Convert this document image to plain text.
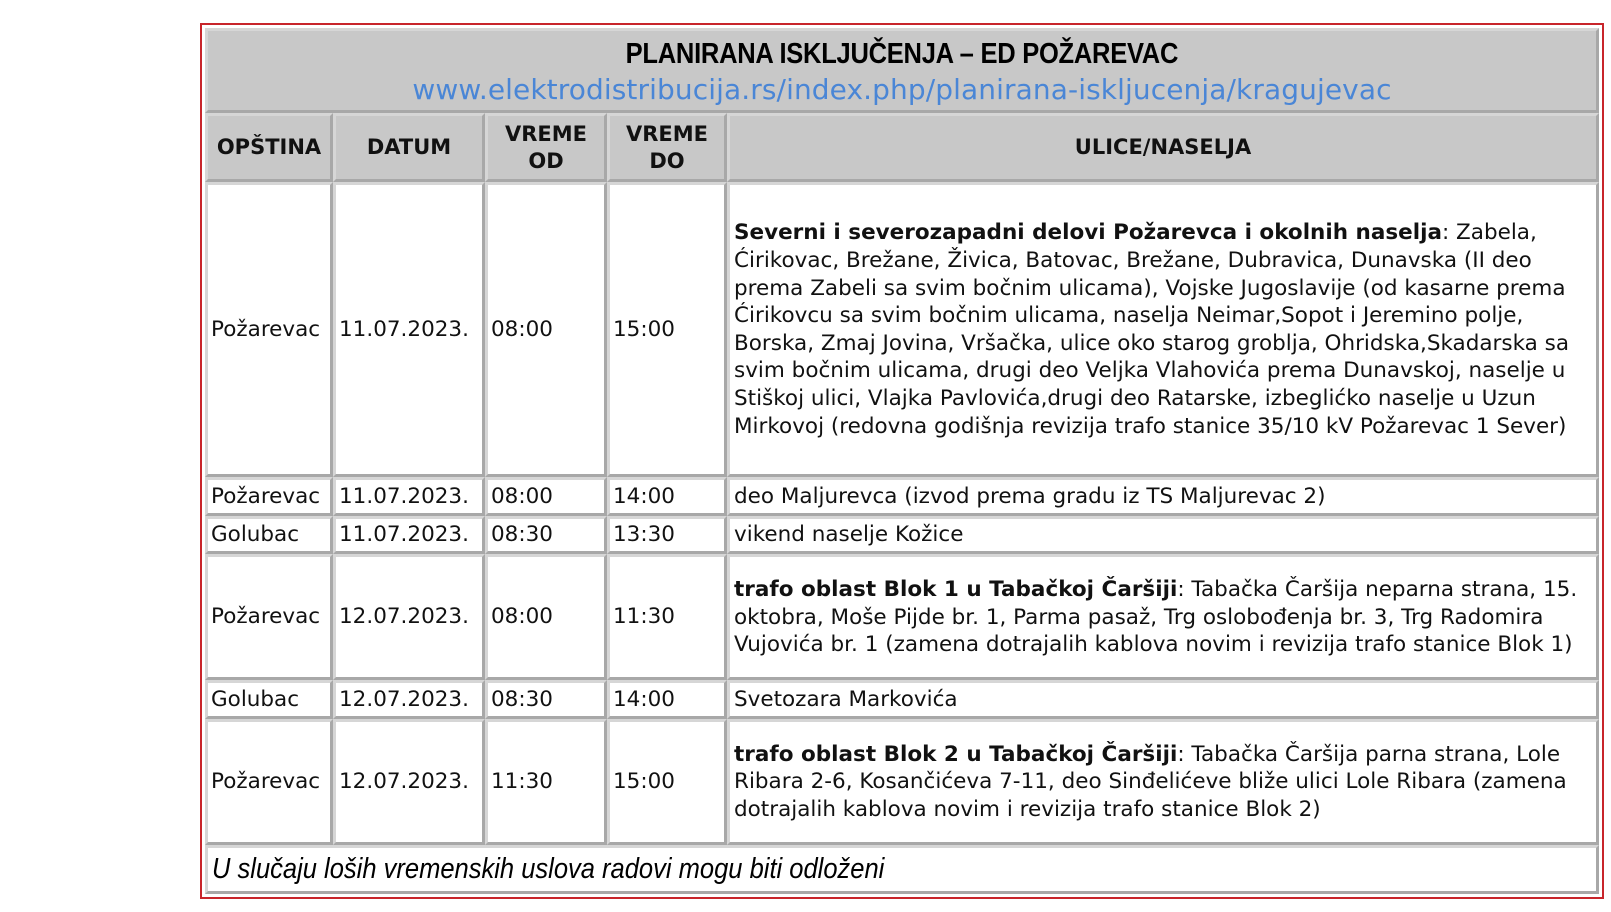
PLANIRANA ISKLJUČENJA – ED POŽAREVAC
www.elektrodistribucija.rs/index.php/planirana-iskljucenja/kragujevac				

OPŠTINA	DATUM	VREME OD	VREME DO	ULICE/NASELJA
Požarevac	11.07.2023.	08:00	15:00	Severni i severozapadni delovi Požarevca i okolnih naselja: Zabela, Ćirikovac, Brežane, Živica, Batovac, Brežane, Dubravica, Dunavska (II deo prema Zabeli sa svim bočnim ulicama), Vojske Jugoslavije (od kasarne prema Ćirikovcu sa svim bočnim ulicama, naselja Neimar,Sopot i Jeremino polje, Borska, Zmaj Jovina, Vršačka, ulice oko starog groblja, Ohridska,Skadarska sa svim bočnim ulicama, drugi deo Veljka Vlahovića prema Dunavskoj, naselje u Stiškoj ulici, Vlajka Pavlovića,drugi deo Ratarske, izbeglićko naselje u Uzun Mirkovoj (redovna godišnja revizija trafo stanice 35/10 kV Požarevac 1 Sever)
Požarevac	11.07.2023.	08:00	14:00	deo Maljurevca (izvod prema gradu iz TS Maljurevac 2)
Golubac	11.07.2023.	08:30	13:30	vikend naselje Kožice
Požarevac	12.07.2023.	08:00	11:30	trafo oblast Blok 1 u Tabačkoj Čaršiji: Tabačka Čaršija neparna strana, 15. oktobra, Moše Pijde br. 1, Parma pasaž, Trg oslobođenja br. 3, Trg Radomira Vujovića br. 1 (zamena dotrajalih kablova novim i revizija trafo stanice Blok 1)
Golubac	12.07.2023.	08:30	14:00	Svetozara Markovića
Požarevac	12.07.2023.	11:30	15:00	trafo oblast Blok 2 u Tabačkoj Čaršiji: Tabačka Čaršija parna strana, Lole Ribara 2-6, Kosančićeva 7-11, deo Sinđelićeve bliže ulici Lole Ribara (zamena dotrajalih kablova novim i revizija trafo stanice Blok 2)
U slučaju loših vremenskih uslova radovi mogu biti odloženi				
